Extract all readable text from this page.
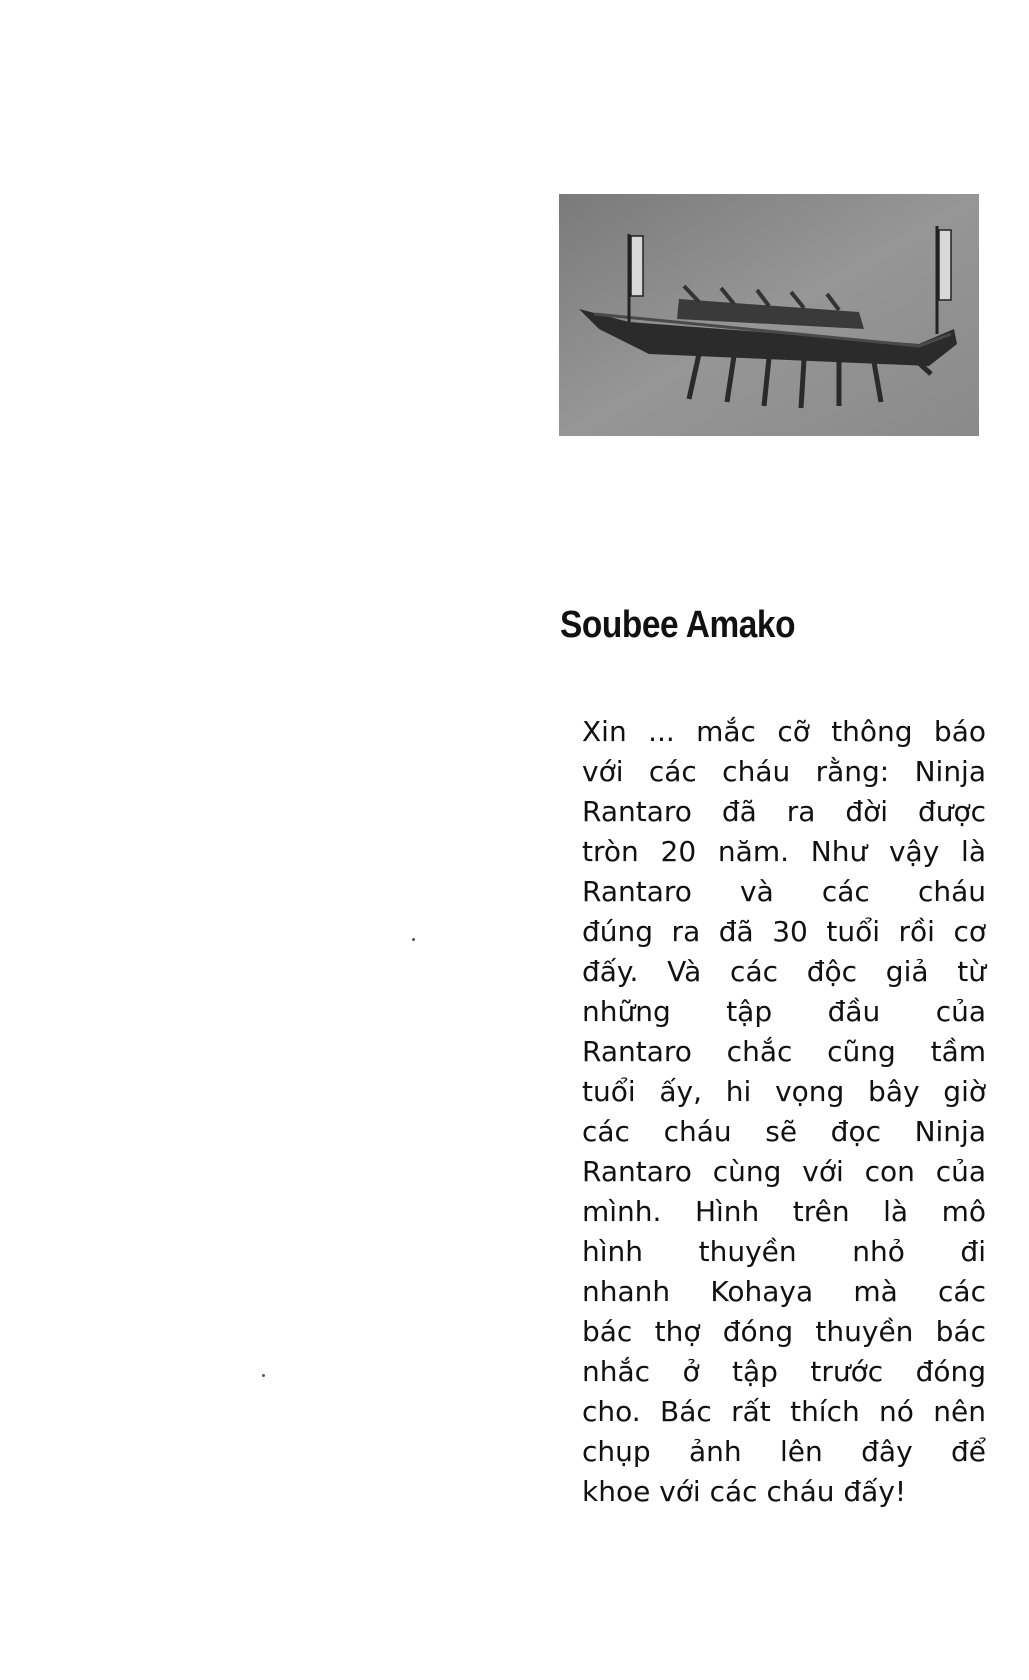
Soubee Amako
Xin ... mắc cỡ thông báo
với các cháu rằng: Ninja
Rantaro đã ra đời được
tròn 20 năm. Như vậy là
Rantaro và các cháu
đúng ra đã 30 tuổi rồi cơ
đấy. Và các độc giả từ
những tập đầu của
Rantaro chắc cũng tầm
tuổi ấy, hi vọng bây giờ
các cháu sẽ đọc Ninja
Rantaro cùng với con của
mình. Hình trên là mô
hình thuyền nhỏ đi
nhanh Kohaya mà các
bác thợ đóng thuyền bác
nhắc ở tập trước đóng
cho. Bác rất thích nó nên
chụp ảnh lên đây để
khoe với các cháu đấy!
